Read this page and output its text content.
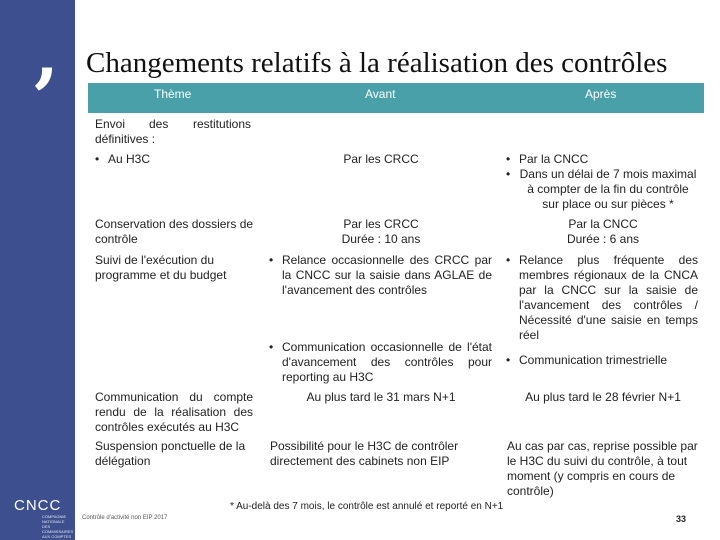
,
CNCC
COMPAGNIE NATIONALE DES COMMISSAIRES AUX COMPTES
Changements relatifs à la réalisation des contrôles
Thème	Avant	Après
Envoi des restitutions
définitives :
• Au H3C	Par les CRCC
•	Par la CNCC
• Dans un délai de 7 mois maximal à compter de la fin du contrôle sur place ou sur pièces *
Conservation des dossiers de contrôle
Par les CRCC
Durée : 10 ans
Par la CNCC
Durée : 6 ans
Suivi de l'exécution du programme et du budget
• Relance occasionnelle des CRCC par la CNCC sur la saisie dans AGLAE de l'avancement des contrôles
• Communication occasionnelle de l'état d'avancement des contrôles pour reporting au H3C
• Relance plus fréquente des membres régionaux de la CNCA par la CNCC sur la saisie de l'avancement des contrôles / Nécessité d'une saisie en temps réel
• Communication trimestrielle
Communication du compte rendu de la réalisation des contrôles exécutés au H3C
Au plus tard le 31 mars N+1	Au plus tard le 28 février N+1
Suspension ponctuelle de la délégation
Possibilité pour le H3C de contrôler directement des cabinets non EIP
Au cas par cas, reprise possible par le H3C du suivi du contrôle, à tout moment (y compris en cours de contrôle)
* Au-delà des 7 mois, le contrôle est annulé et reporté en N+1
Contrôle d'activité non EIP 2017	33
